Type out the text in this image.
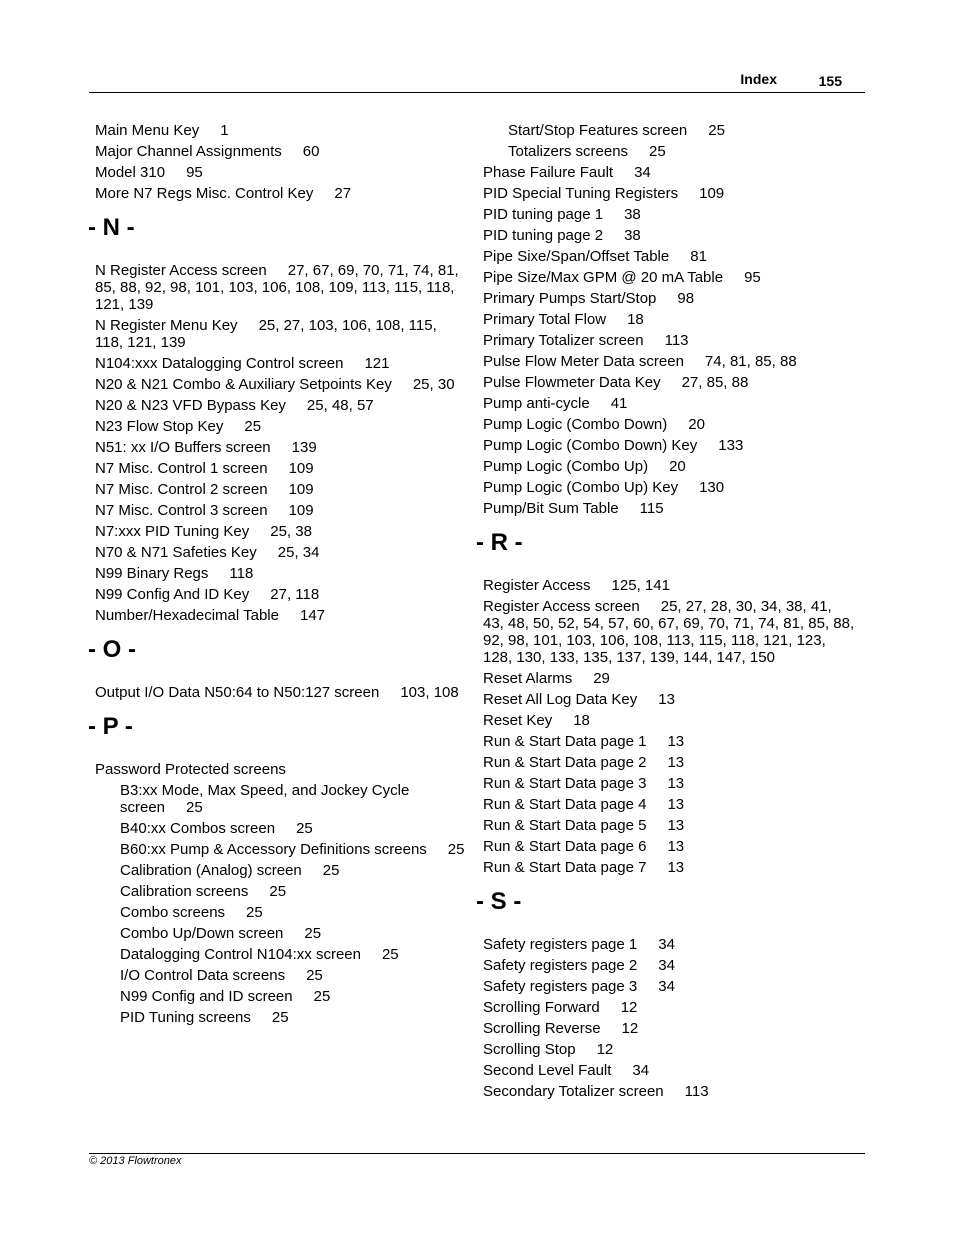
Index	155
Main Menu Key 1
Major Channel Assignments 60
Model 310 95
More N7 Regs Misc. Control Key 27
- N -
N Register Access screen 27, 67, 69, 70, 71, 74, 81, 85, 88, 92, 98, 101, 103, 106, 108, 109, 113, 115, 118, 121, 139
N Register Menu Key 25, 27, 103, 106, 108, 115, 118, 121, 139
N104:xxx Datalogging Control screen 121
N20 & N21 Combo & Auxiliary Setpoints Key 25, 30
N20 & N23 VFD Bypass Key 25, 48, 57
N23 Flow Stop Key 25
N51: xx I/O Buffers screen 139
N7 Misc. Control 1 screen 109
N7 Misc. Control 2 screen 109
N7 Misc. Control 3 screen 109
N7:xxx PID Tuning Key 25, 38
N70 & N71 Safeties Key 25, 34
N99 Binary Regs 118
N99 Config And ID Key 27, 118
Number/Hexadecimal Table 147
- O -
Output I/O Data N50:64 to N50:127 screen 103, 108
- P -
Password Protected screens
B3:xx Mode, Max Speed, and Jockey Cycle screen 25
B40:xx Combos screen 25
B60:xx Pump & Accessory Definitions screens 25
Calibration (Analog) screen 25
Calibration screens 25
Combo screens 25
Combo Up/Down screen 25
Datalogging Control N104:xx screen 25
I/O Control Data screens 25
N99 Config and ID screen 25
PID Tuning screens 25
Start/Stop Features screen 25
Totalizers screens 25
Phase Failure Fault 34
PID Special Tuning Registers 109
PID tuning page 1 38
PID tuning page 2 38
Pipe Sixe/Span/Offset Table 81
Pipe Size/Max GPM @ 20 mA Table 95
Primary Pumps Start/Stop 98
Primary Total Flow 18
Primary Totalizer screen 113
Pulse Flow Meter Data screen 74, 81, 85, 88
Pulse Flowmeter Data Key 27, 85, 88
Pump anti-cycle 41
Pump Logic (Combo Down) 20
Pump Logic (Combo Down) Key 133
Pump Logic (Combo Up) 20
Pump Logic (Combo Up) Key 130
Pump/Bit Sum Table 115
- R -
Register Access 125, 141
Register Access screen 25, 27, 28, 30, 34, 38, 41, 43, 48, 50, 52, 54, 57, 60, 67, 69, 70, 71, 74, 81, 85, 88, 92, 98, 101, 103, 106, 108, 113, 115, 118, 121, 123, 128, 130, 133, 135, 137, 139, 144, 147, 150
Reset Alarms 29
Reset All Log Data Key 13
Reset Key 18
Run & Start Data page 1 13
Run & Start Data page 2 13
Run & Start Data page 3 13
Run & Start Data page 4 13
Run & Start Data page 5 13
Run & Start Data page 6 13
Run & Start Data page 7 13
- S -
Safety registers page 1 34
Safety registers page 2 34
Safety registers page 3 34
Scrolling Forward 12
Scrolling Reverse 12
Scrolling Stop 12
Second Level Fault 34
Secondary Totalizer screen 113
© 2013 Flowtronex
